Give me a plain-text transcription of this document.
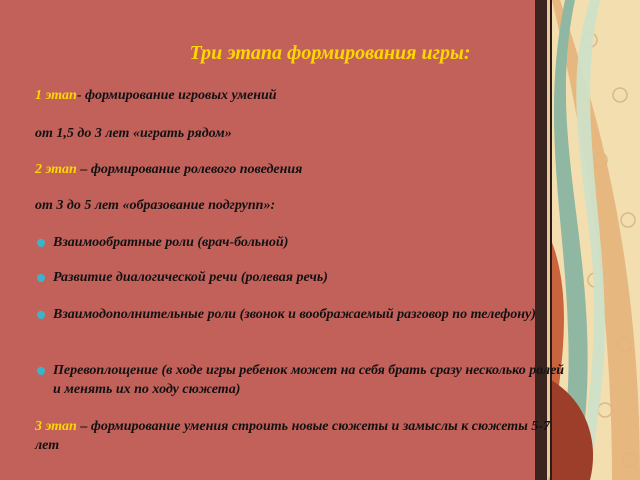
Три этапа формирования игры:
1 этап- формирование игровых умений
от 1,5 до 3 лет «играть рядом»
2 этап – формирование ролевого поведения
от 3 до 5 лет «образование подгрупп»:
Взаимообратные роли (врач-больной)
Развитие диалогической речи (ролевая речь)
Взаимодополнительные роли (звонок и воображаемый разговор по телефону)
Перевоплощение (в ходе игры ребенок может на себя брать сразу несколько ролей и менять их по ходу сюжета)
3 этап – формирование умения строить новые сюжеты и замыслы к сюжеты 5-7 лет
